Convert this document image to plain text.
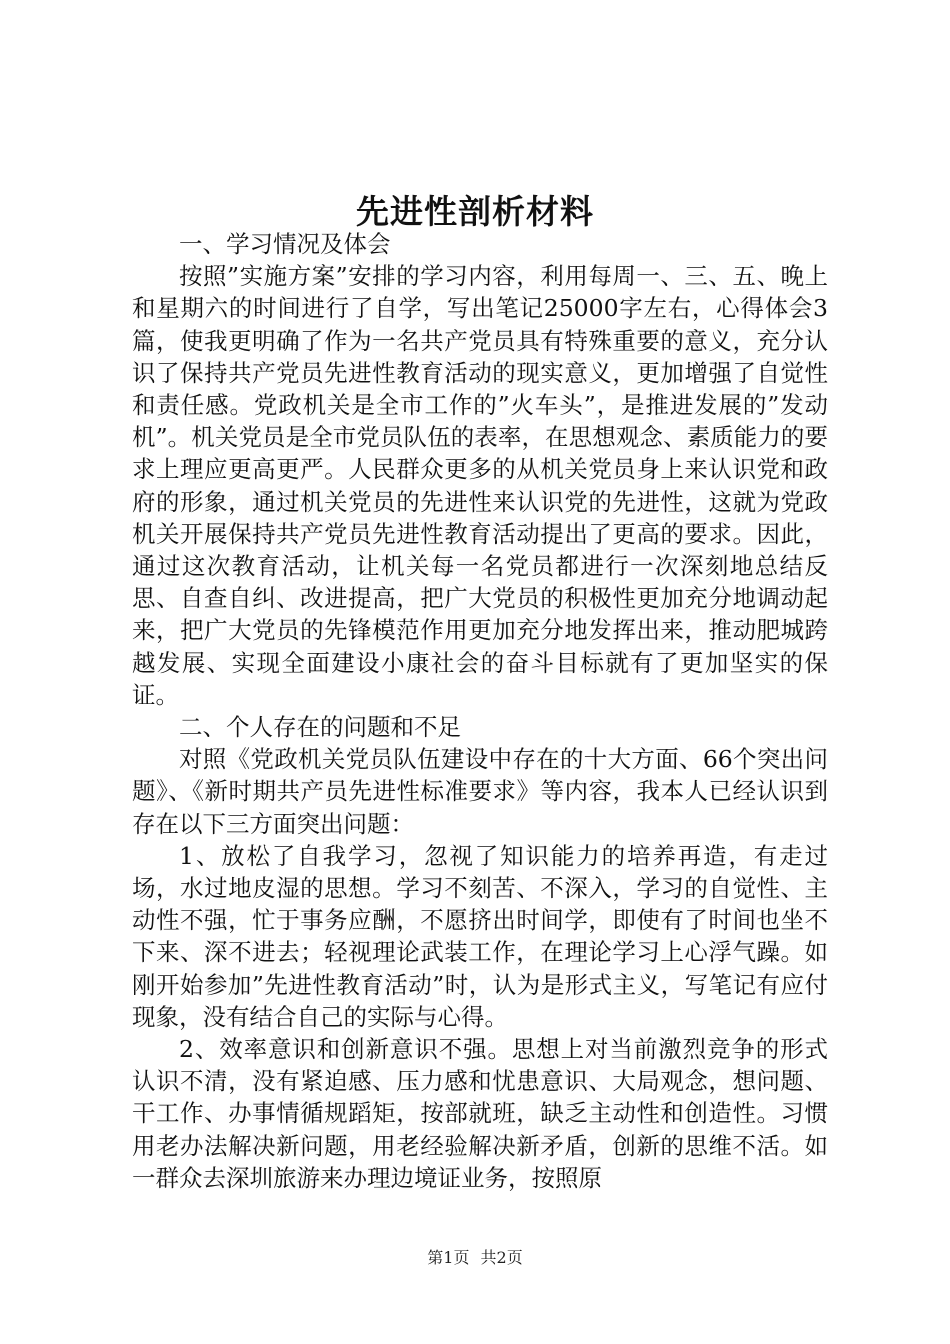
先进性剖析材料

一、学习情况及体会

按照”实施方案”安排的学习内容，利用每周一、三、五、晚上和星期六的时间进行了自学，写出笔记25000字左右，心得体会3篇，使我更明确了作为一名共产党员具有特殊重要的意义，充分认识了保持共产党员先进性教育活动的现实意义，更加增强了自觉性和责任感。党政机关是全市工作的”火车头”，是推进发展的”发动机”。机关党员是全市党员队伍的表率，在思想观念、素质能力的要求上理应更高更严。人民群众更多的从机关党员身上来认识党和政府的形象，通过机关党员的先进性来认识党的先进性，这就为党政机关开展保持共产党员先进性教育活动提出了更高的要求。因此，通过这次教育活动，让机关每一名党员都进行一次深刻地总结反思、自查自纠、改进提高，把广大党员的积极性更加充分地调动起来，把广大党员的先锋模范作用更加充分地发挥出来，推动肥城跨越发展、实现全面建设小康社会的奋斗目标就有了更加坚实的保证。

二、个人存在的问题和不足

对照《党政机关党员队伍建设中存在的十大方面、66个突出问题》、《新时期共产员先进性标准要求》等内容，我本人已经认识到存在以下三方面突出问题：

1、放松了自我学习，忽视了知识能力的培养再造，有走过场，水过地皮湿的思想。学习不刻苦、不深入，学习的自觉性、主动性不强，忙于事务应酬，不愿挤出时间学，即使有了时间也坐不下来、深不进去；轻视理论武装工作，在理论学习上心浮气躁。如刚开始参加”先进性教育活动”时，认为是形式主义，写笔记有应付现象，没有结合自己的实际与心得。

2、效率意识和创新意识不强。思想上对当前激烈竞争的形式认识不清，没有紧迫感、压力感和忧患意识、大局观念，想问题、干工作、办事情循规蹈矩，按部就班，缺乏主动性和创造性。习惯用老办法解决新问题，用老经验解决新矛盾，创新的思维不活。如一群众去深圳旅游来办理边境证业务，按照原

第1页 共2页
